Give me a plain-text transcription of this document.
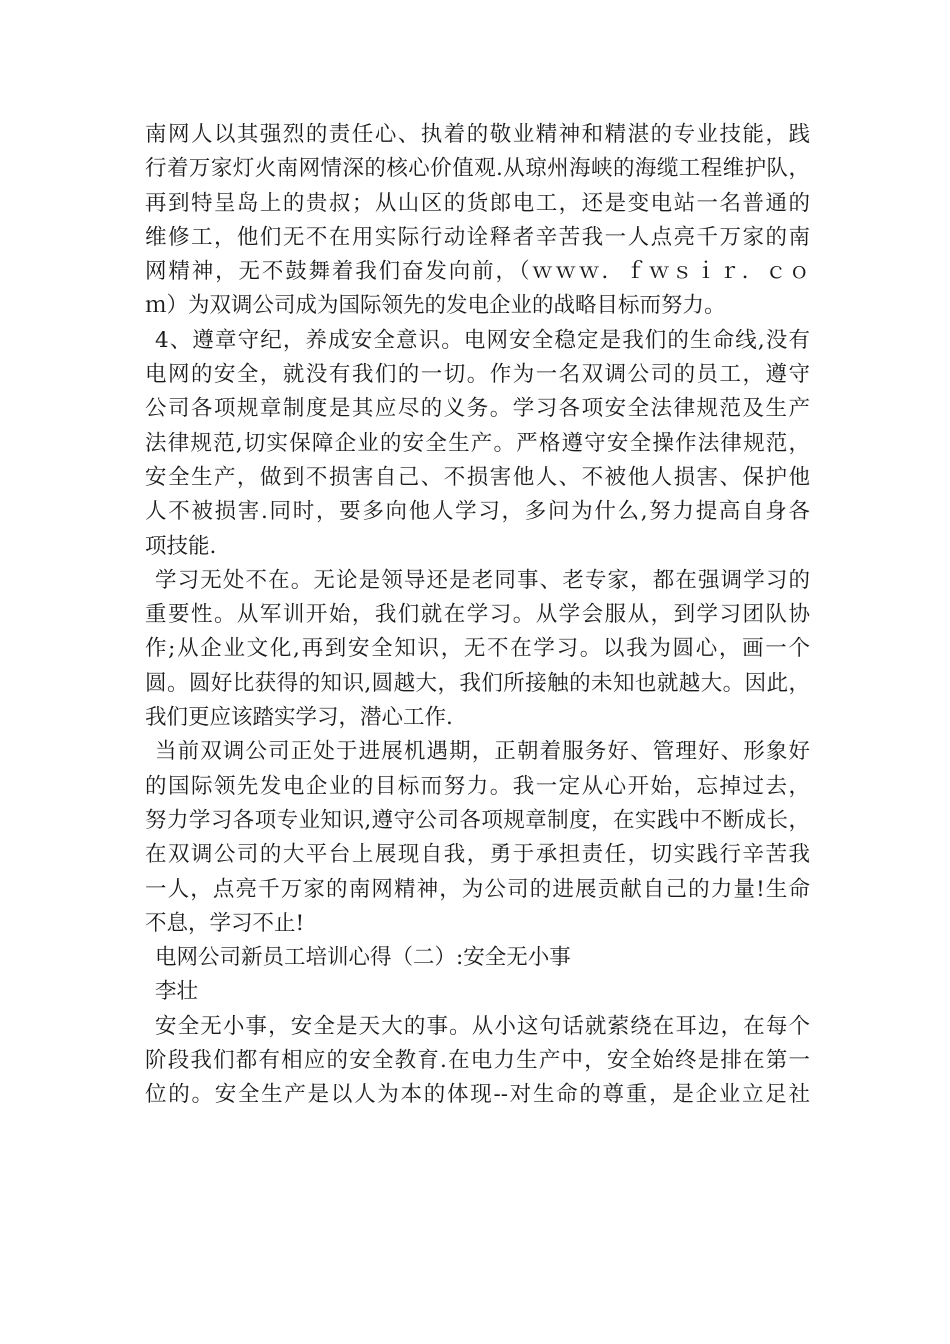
南网人以其强烈的责任心、执着的敬业精神和精湛的专业技能，践
行着万家灯火南网情深的核心价值观.从琼州海峡的海缆工程维护队，
再到特呈岛上的贵叔；从山区的货郎电工，还是变电站一名普通的
维修工，他们无不在用实际行动诠释者辛苦我一人点亮千万家的南
网精神，无不鼓舞着我们奋发向前，（ｗｗｗ．ｆｗｓｉｒ．ｃｏ
ｍ）为双调公司成为国际领先的发电企业的战略目标而努力。
4、遵章守纪，养成安全意识。电网安全稳定是我们的生命线,没有
电网的安全，就没有我们的一切。作为一名双调公司的员工，遵守
公司各项规章制度是其应尽的义务。学习各项安全法律规范及生产
法律规范,切实保障企业的安全生产。严格遵守安全操作法律规范，
安全生产，做到不损害自己、不损害他人、不被他人损害、保护他
人不被损害.同时，要多向他人学习，多问为什么,努力提高自身各
项技能.
学习无处不在。无论是领导还是老同事、老专家，都在强调学习的
重要性。从军训开始，我们就在学习。从学会服从，到学习团队协
作;从企业文化,再到安全知识，无不在学习。以我为圆心，画一个
圆。圆好比获得的知识,圆越大，我们所接触的未知也就越大。因此，
我们更应该踏实学习，潜心工作.
当前双调公司正处于进展机遇期，正朝着服务好、管理好、形象好
的国际领先发电企业的目标而努力。我一定从心开始，忘掉过去，
努力学习各项专业知识,遵守公司各项规章制度，在实践中不断成长，
在双调公司的大平台上展现自我，勇于承担责任，切实践行辛苦我
一人，点亮千万家的南网精神，为公司的进展贡献自己的力量!生命
不息，学习不止!
电网公司新员工培训心得（二）:安全无小事
李壮
安全无小事，安全是天大的事。从小这句话就萦绕在耳边，在每个
阶段我们都有相应的安全教育.在电力生产中，安全始终是排在第一
位的。安全生产是以人为本的体现--对生命的尊重，是企业立足社
